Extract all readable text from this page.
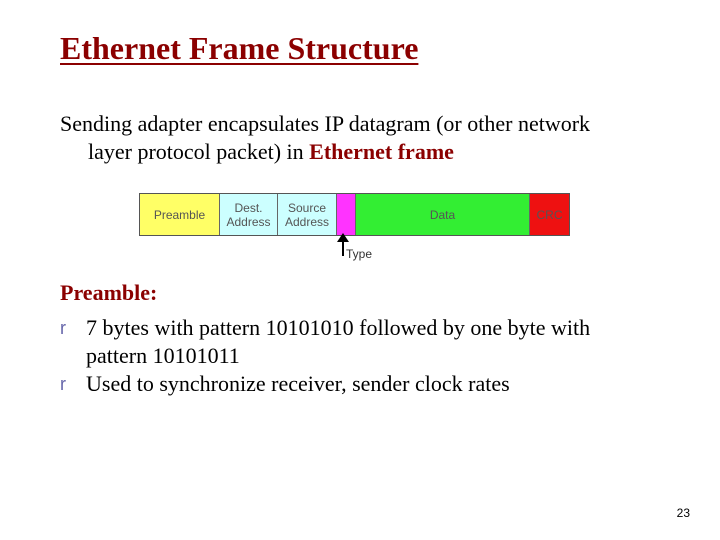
Ethernet Frame Structure
Sending adapter encapsulates IP datagram (or other network
layer protocol packet) in Ethernet frame
Preamble	Dest.
Address
Source
Address	Data	CRC
Type
Preamble:
r 7 bytes with pattern 10101010 followed by one byte with
pattern 10101011
r Used to synchronize receiver, sender clock rates
23
